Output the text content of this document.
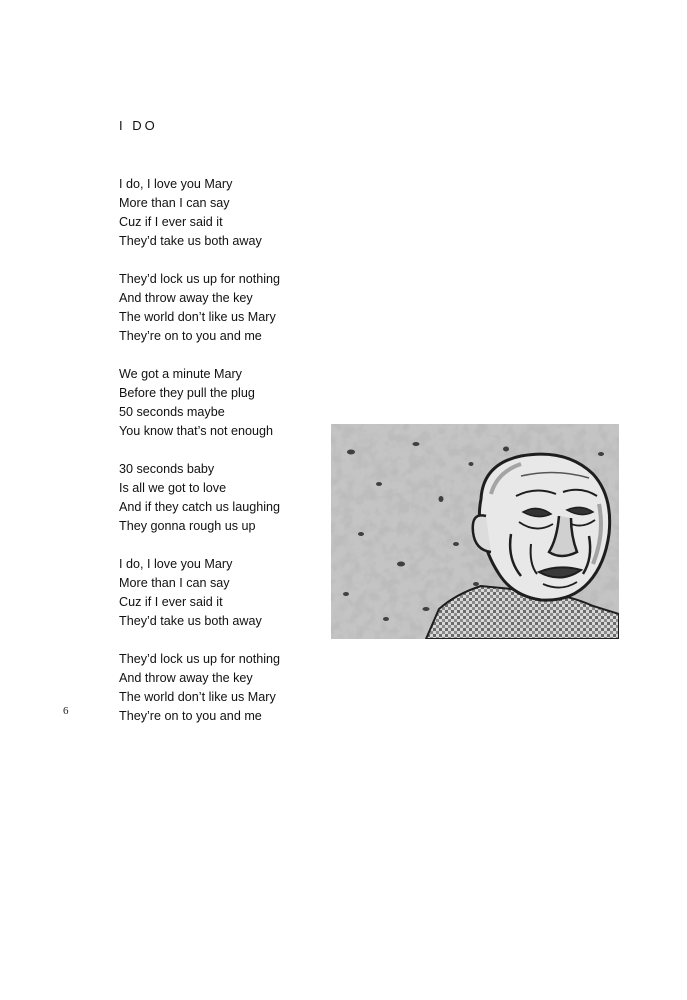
I DO

I do, I love you Mary
More than I can say
Cuz if I ever said it
They’d take us both away

They’d lock us up for nothing
And throw away the key
The world don’t like us Mary
They’re on to you and me

We got a minute Mary
Before they pull the plug
50 seconds maybe
You know that’s not enough

30 seconds baby
Is all we got to love
And if they catch us laughing
They gonna rough us up

I do, I love you Mary
More than I can say
Cuz if I ever said it
They’d take us both away

They’d lock us up for nothing
And throw away the key
The world don’t like us Mary
They’re on to you and me

6
